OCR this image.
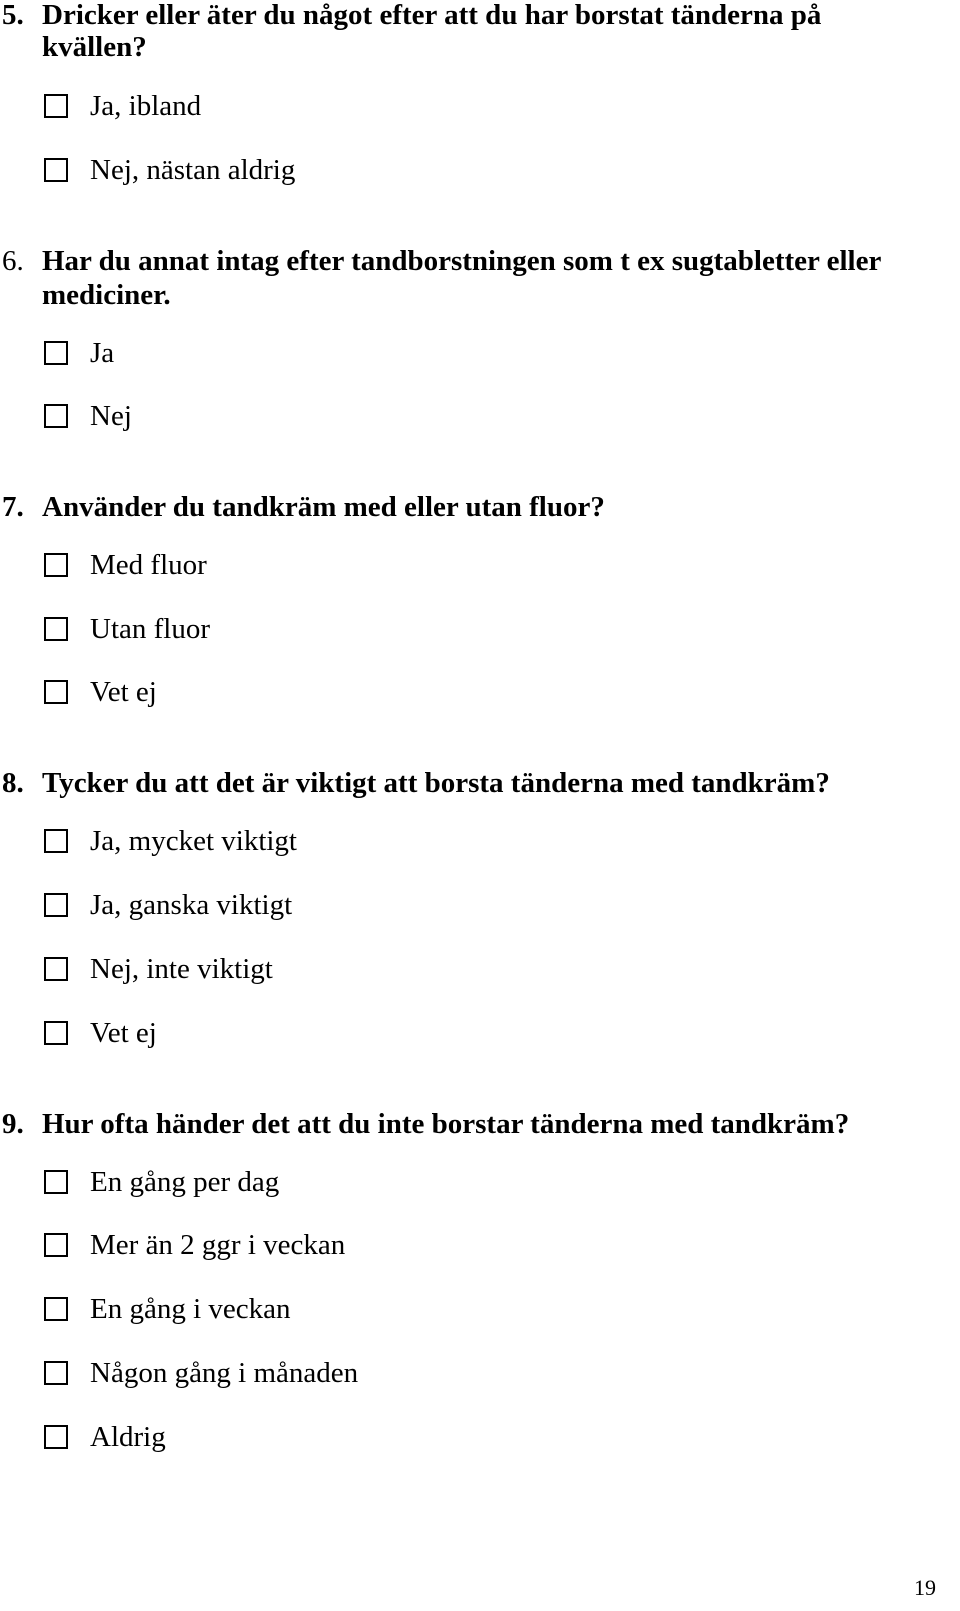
5. Dricker eller äter du något efter att du har borstat tänderna på

kvällen?

Ja, ibland
Nej, nästan aldrig

6. Har du annat intag efter tandborstningen som t ex sugtabletter eller

mediciner.

Ja
Nej

7. Använder du tandkräm med eller utan fluor?

Med fluor
Utan fluor
Vet ej

8. Tycker du att det är viktigt att borsta tänderna med tandkräm?

Ja, mycket viktigt
Ja, ganska viktigt
Nej, inte viktigt
Vet ej

9. Hur ofta händer det att du inte borstar tänderna med tandkräm?

En gång per dag
Mer än 2 ggr i veckan
En gång i veckan
Någon gång i månaden
Aldrig
19
